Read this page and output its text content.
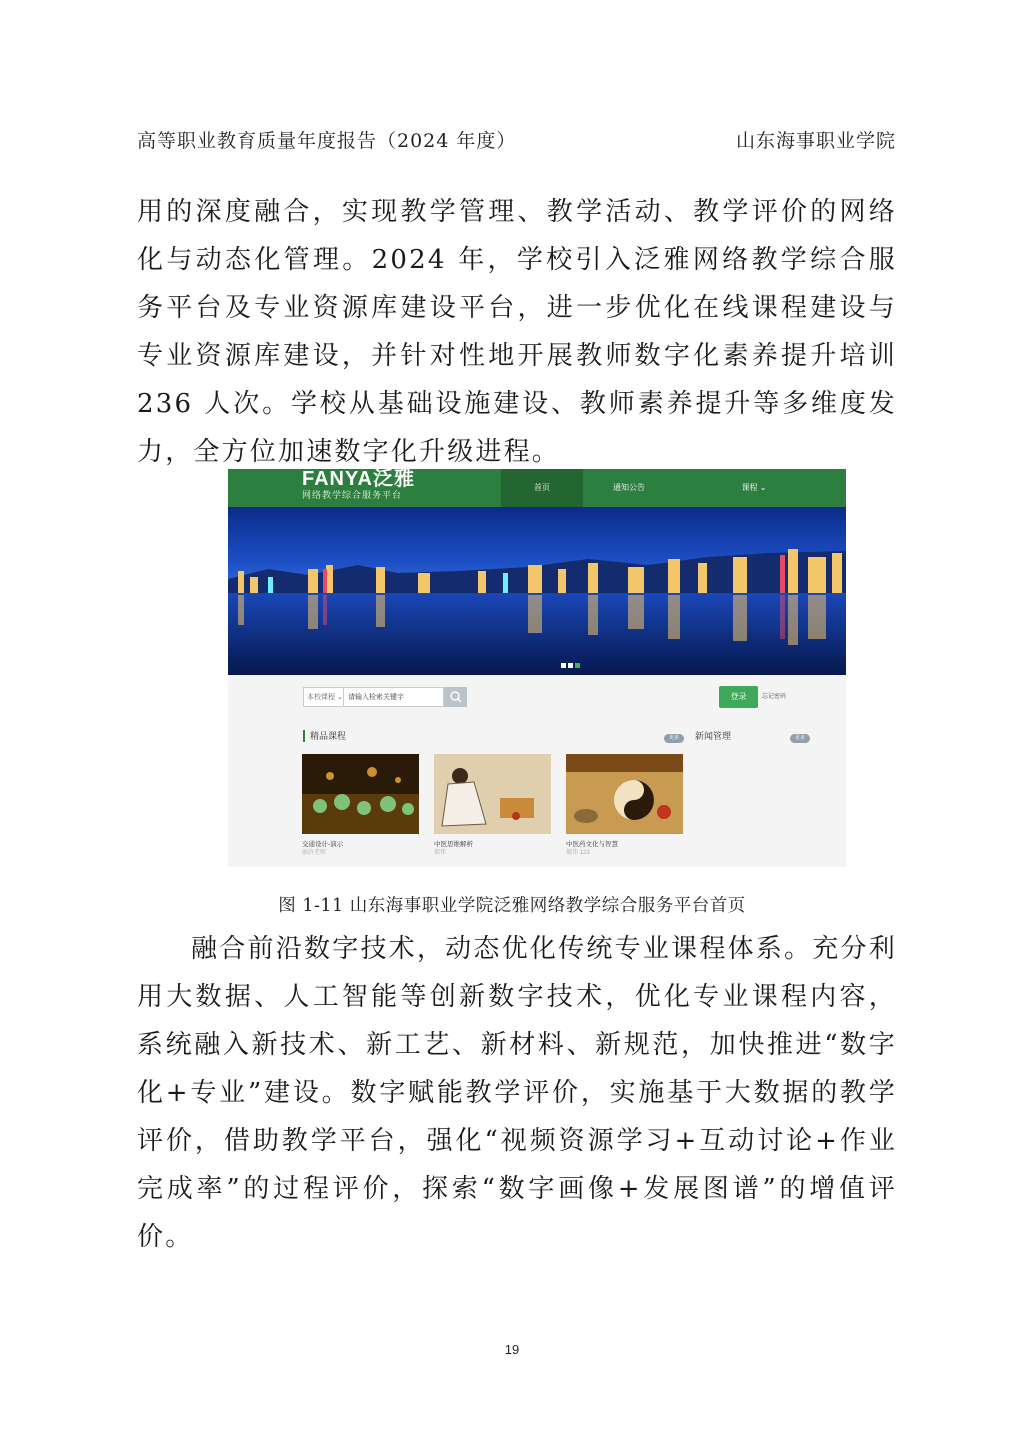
高等职业教育质量年度报告（2024 年度）	山东海事职业学院

用的深度融合，实现教学管理、教学活动、教学评价的网络化与动态化管理。2024 年，学校引入泛雅网络教学综合服务平台及专业资源库建设平台，进一步优化在线课程建设与专业资源库建设，并针对性地开展教师数字化素养提升培训 236 人次。学校从基础设施建设、教师素养提升等多维度发力，全方位加速数字化升级进程。

FANYA泛雅
网络教学综合服务平台
首页	通知公告	课程 ⌄
本校课程 ⌄ 请输入检索关键字	登录	忘记密码
精品课程	更多	新闻管理	更多
交通设计-演示
丽济老师
中医思维解析
郝伟
中医药文化与智慧
郝伟 123
图 1-11 山东海事职业学院泛雅网络教学综合服务平台首页

融合前沿数字技术，动态优化传统专业课程体系。充分利用大数据、人工智能等创新数字技术，优化专业课程内容，系统融入新技术、新工艺、新材料、新规范，加快推进“数字化+专业”建设。数字赋能教学评价，实施基于大数据的教学评价，借助教学平台，强化“视频资源学习+互动讨论+作业完成率”的过程评价，探索“数字画像+发展图谱”的增值评价。

19
